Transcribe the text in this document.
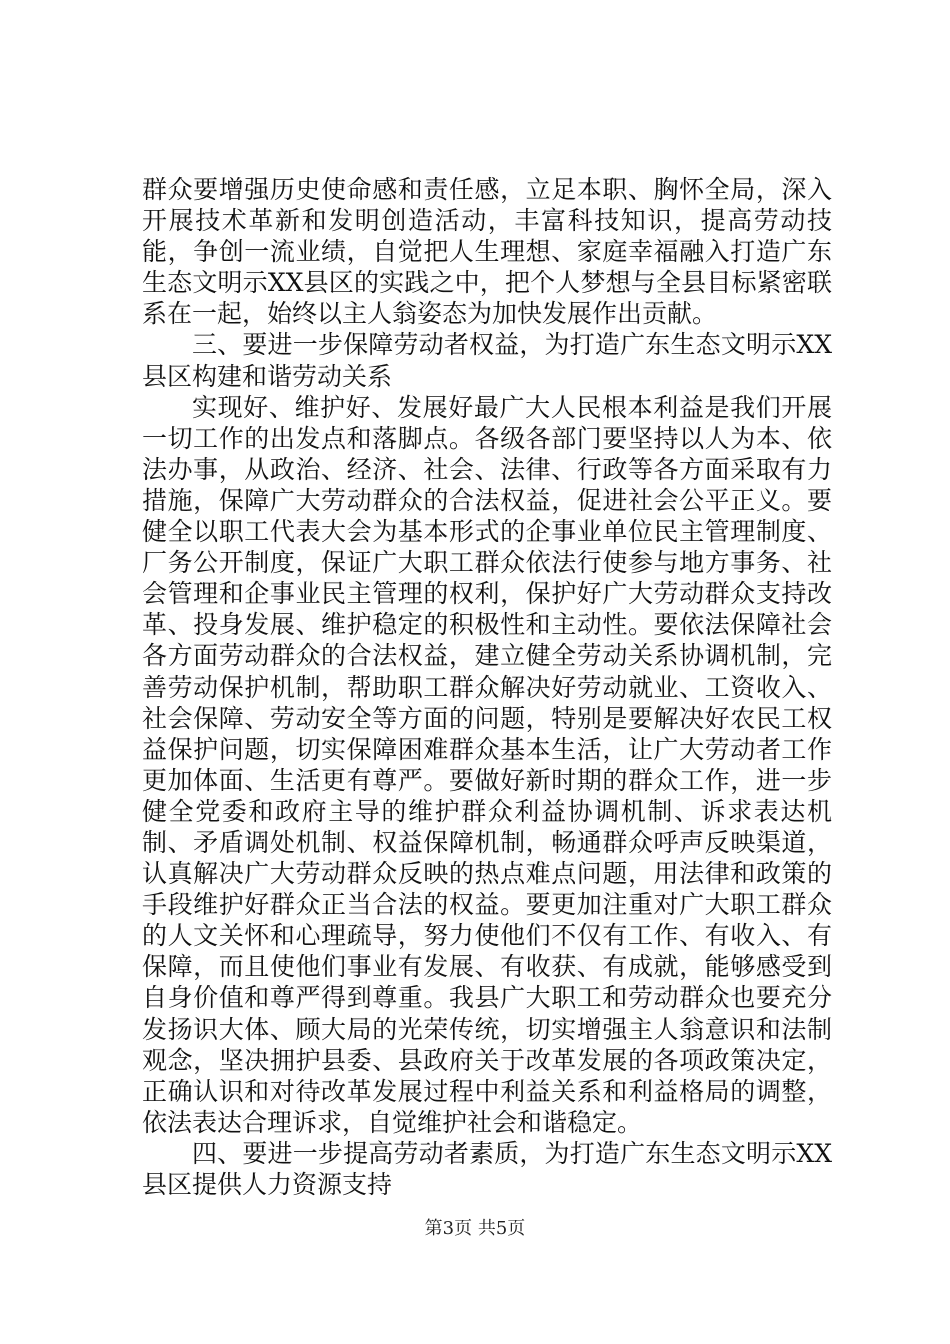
群众要增强历史使命感和责任感，立足本职、胸怀全局，深入开展技术革新和发明创造活动，丰富科技知识，提高劳动技能，争创一流业绩，自觉把人生理想、家庭幸福融入打造广东生态文明示XX县区的实践之中，把个人梦想与全县目标紧密联系在一起，始终以主人翁姿态为加快发展作出贡献。

三、要进一步保障劳动者权益，为打造广东生态文明示XX县区构建和谐劳动关系

实现好、维护好、发展好最广大人民根本利益是我们开展一切工作的出发点和落脚点。各级各部门要坚持以人为本、依法办事，从政治、经济、社会、法律、行政等各方面采取有力措施，保障广大劳动群众的合法权益，促进社会公平正义。要健全以职工代表大会为基本形式的企事业单位民主管理制度、厂务公开制度，保证广大职工群众依法行使参与地方事务、社会管理和企事业民主管理的权利，保护好广大劳动群众支持改革、投身发展、维护稳定的积极性和主动性。要依法保障社会各方面劳动群众的合法权益，建立健全劳动关系协调机制，完善劳动保护机制，帮助职工群众解决好劳动就业、工资收入、社会保障、劳动安全等方面的问题，特别是要解决好农民工权益保护问题，切实保障困难群众基本生活，让广大劳动者工作更加体面、生活更有尊严。要做好新时期的群众工作，进一步健全党委和政府主导的维护群众利益协调机制、诉求表达机制、矛盾调处机制、权益保障机制，畅通群众呼声反映渠道，认真解决广大劳动群众反映的热点难点问题，用法律和政策的手段维护好群众正当合法的权益。要更加注重对广大职工群众的人文关怀和心理疏导，努力使他们不仅有工作、有收入、有保障，而且使他们事业有发展、有收获、有成就，能够感受到自身价值和尊严得到尊重。我县广大职工和劳动群众也要充分发扬识大体、顾大局的光荣传统，切实增强主人翁意识和法制观念，坚决拥护县委、县政府关于改革发展的各项政策决定，正确认识和对待改革发展过程中利益关系和利益格局的调整，依法表达合理诉求，自觉维护社会和谐稳定。

四、要进一步提高劳动者素质，为打造广东生态文明示XX县区提供人力资源支持

第3页 共5页
